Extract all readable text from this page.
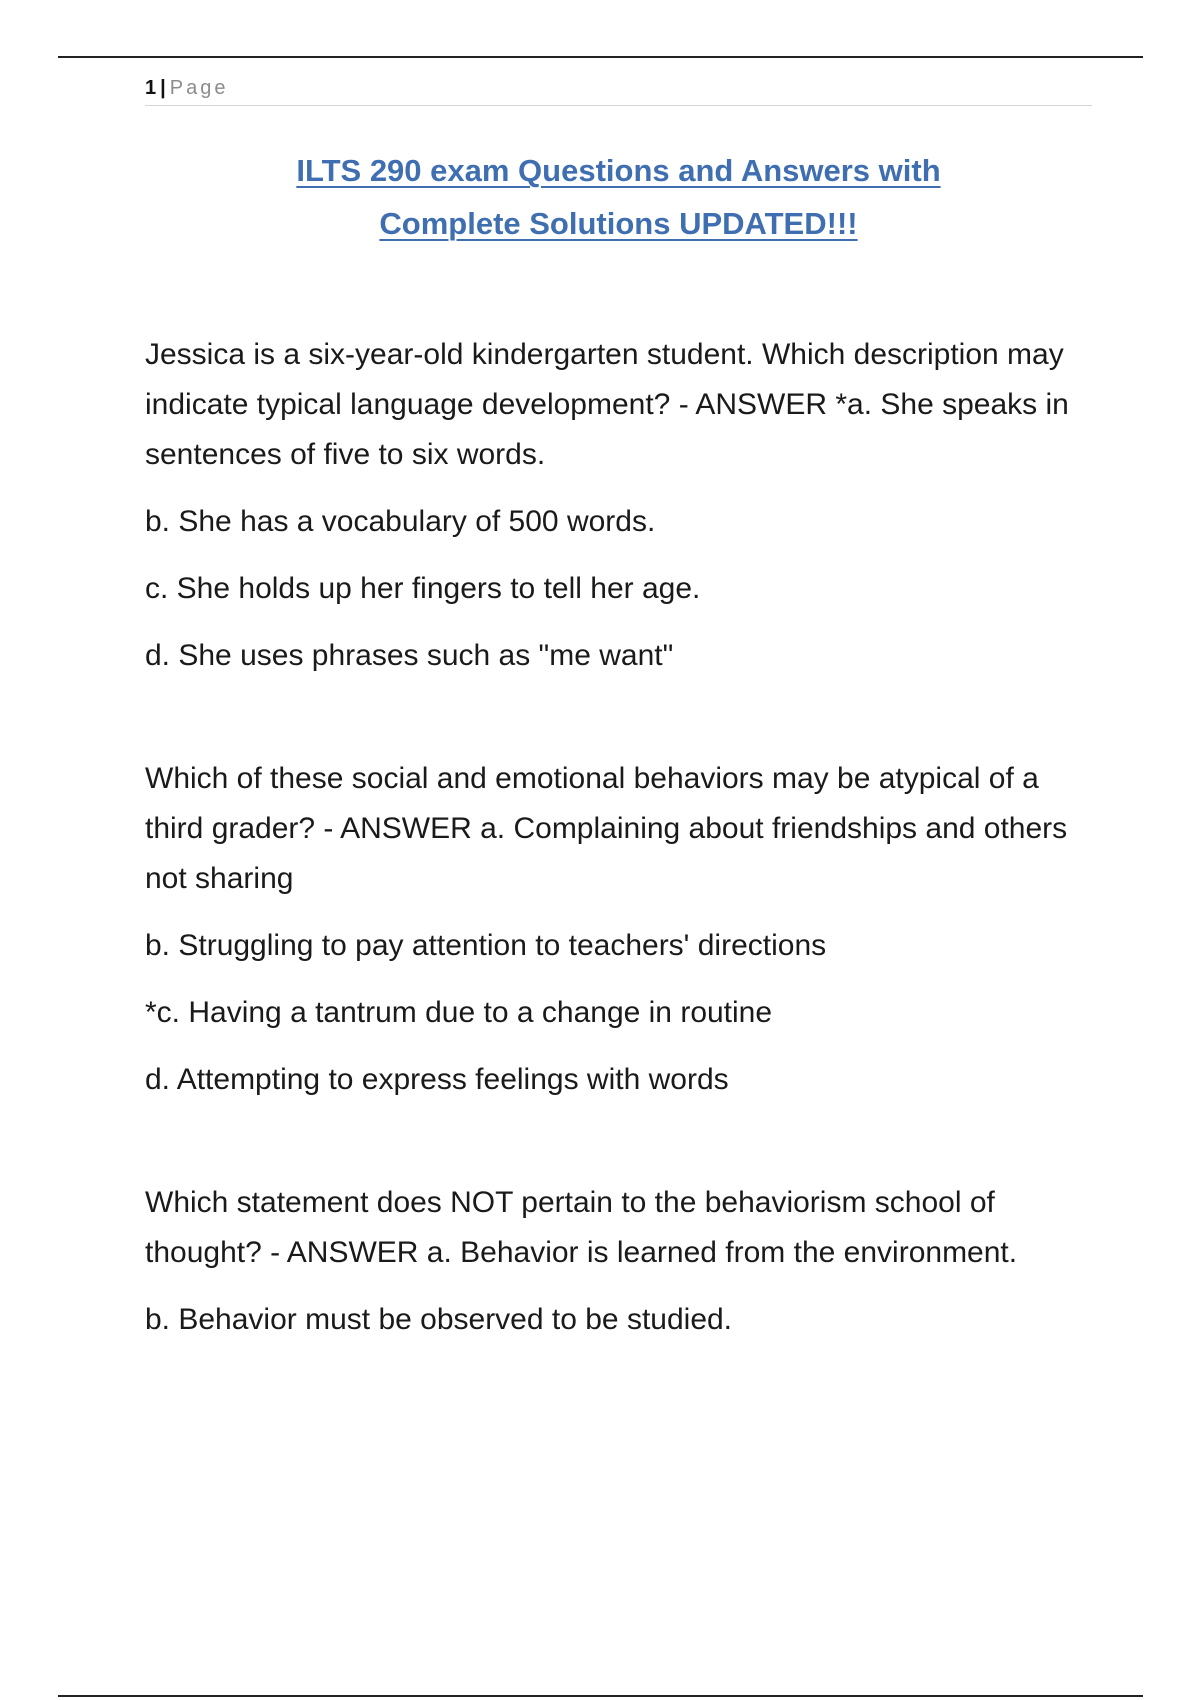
1 | Page
ILTS 290 exam Questions and Answers with
Complete Solutions UPDATED!!!
Jessica is a six-year-old kindergarten student. Which description may indicate typical language development? - ANSWER *a. She speaks in sentences of five to six words.
b. She has a vocabulary of 500 words.
c. She holds up her fingers to tell her age.
d. She uses phrases such as "me want"
Which of these social and emotional behaviors may be atypical of a third grader? - ANSWER a. Complaining about friendships and others not sharing
b. Struggling to pay attention to teachers' directions
*c. Having a tantrum due to a change in routine
d. Attempting to express feelings with words
Which statement does NOT pertain to the behaviorism school of thought? - ANSWER a. Behavior is learned from the environment.
b. Behavior must be observed to be studied.
